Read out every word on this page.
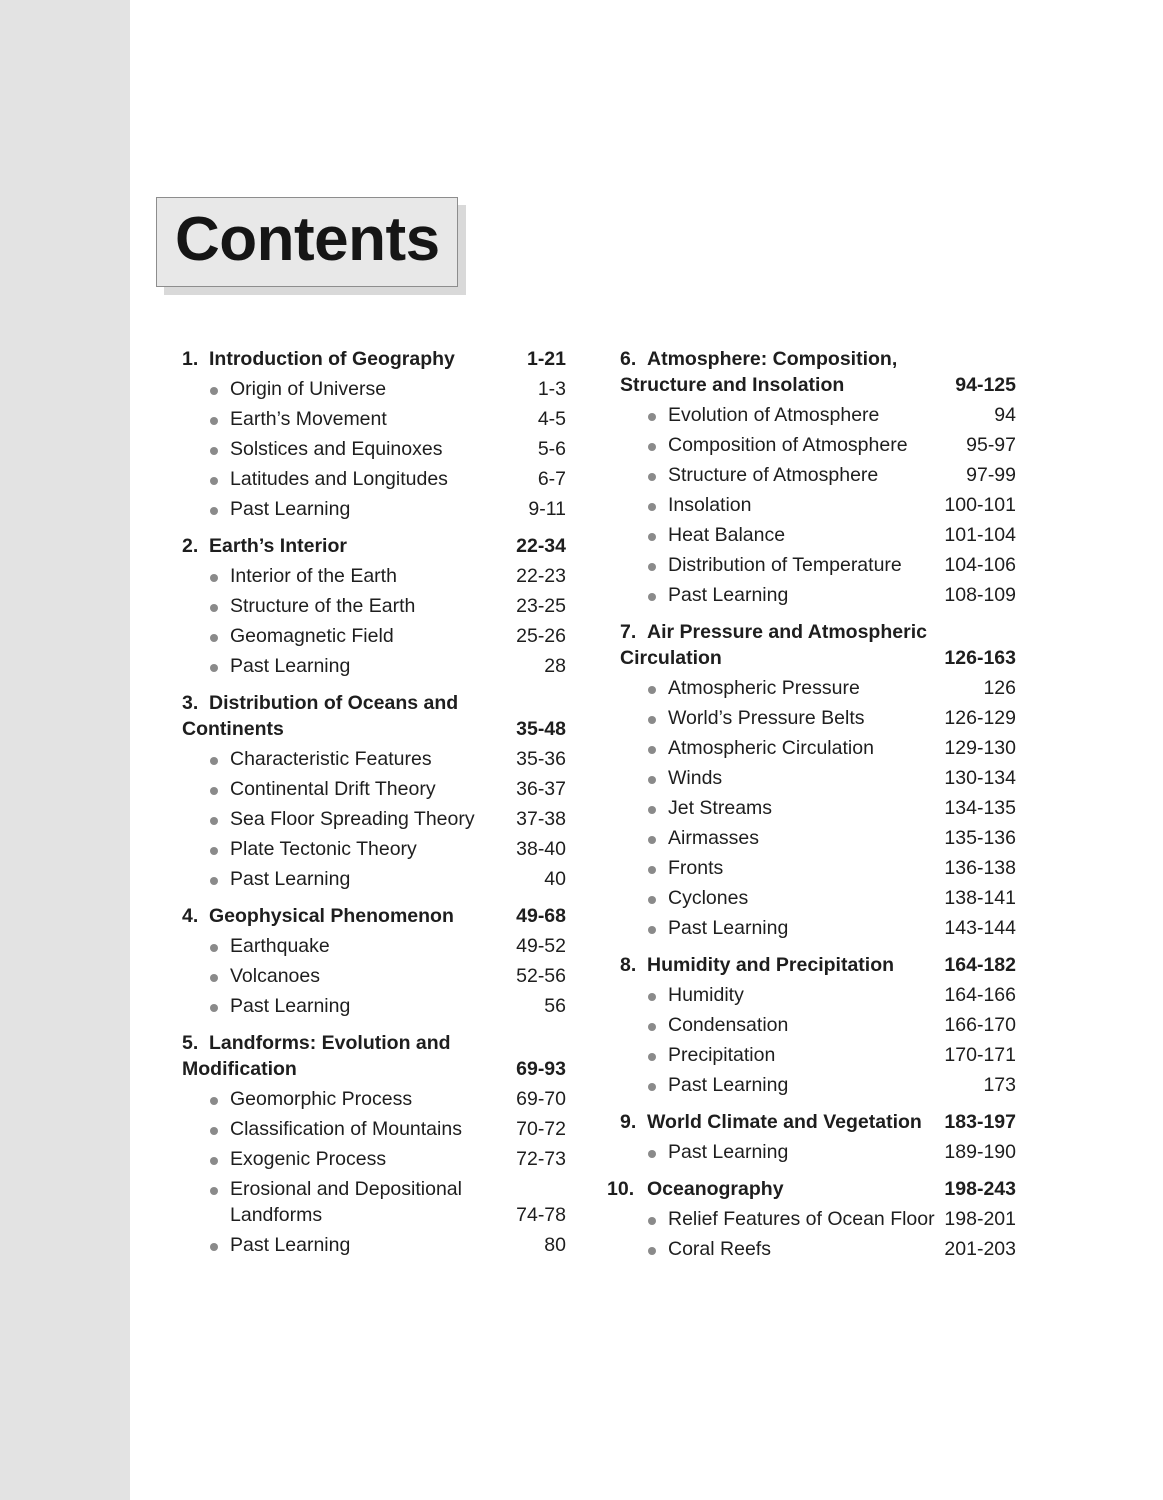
Contents
1. Introduction of Geography	1-21
Origin of Universe	1-3
Earth’s Movement	4-5
Solstices and Equinoxes	5-6
Latitudes and Longitudes	6-7
Past Learning	9-11
2. Earth’s Interior	22-34
Interior of the Earth	22-23
Structure of the Earth	23-25
Geomagnetic Field	25-26
Past Learning	28
3. Distribution of Oceans and Continents	35-48
Characteristic Features	35-36
Continental Drift Theory	36-37
Sea Floor Spreading Theory 37-38
Plate Tectonic Theory	38-40
Past Learning	40
4. Geophysical Phenomenon	49-68
Earthquake	49-52
Volcanoes	52-56
Past Learning	56
5. Landforms: Evolution and Modification	69-93
Geomorphic Process	69-70
Classification of Mountains	70-72
Exogenic Process	72-73
Erosional and Depositional Landforms	74-78
Past Learning	80
6. Atmosphere: Composition, Structure and Insolation	94-125
Evolution of Atmosphere	94
Composition of Atmosphere	95-97
Structure of Atmosphere	97-99
Insolation	100-101
Heat Balance	101-104
Distribution of Temperature 104-106
Past Learning	108-109
7. Air Pressure and Atmospheric Circulation	126-163
Atmospheric Pressure	126
World’s Pressure Belts	126-129
Atmospheric Circulation	129-130
Winds	130-134
Jet Streams	134-135
Airmasses	135-136
Fronts	136-138
Cyclones	138-141
Past Learning	143-144
8. Humidity and Precipitation	164-182
Humidity	164-166
Condensation	166-170
Precipitation	170-171
Past Learning	173
9. World Climate and Vegetation 183-197
Past Learning	189-190
10. Oceanography	198-243
Relief Features of Ocean Floor 198-201
Coral Reefs	201-203
